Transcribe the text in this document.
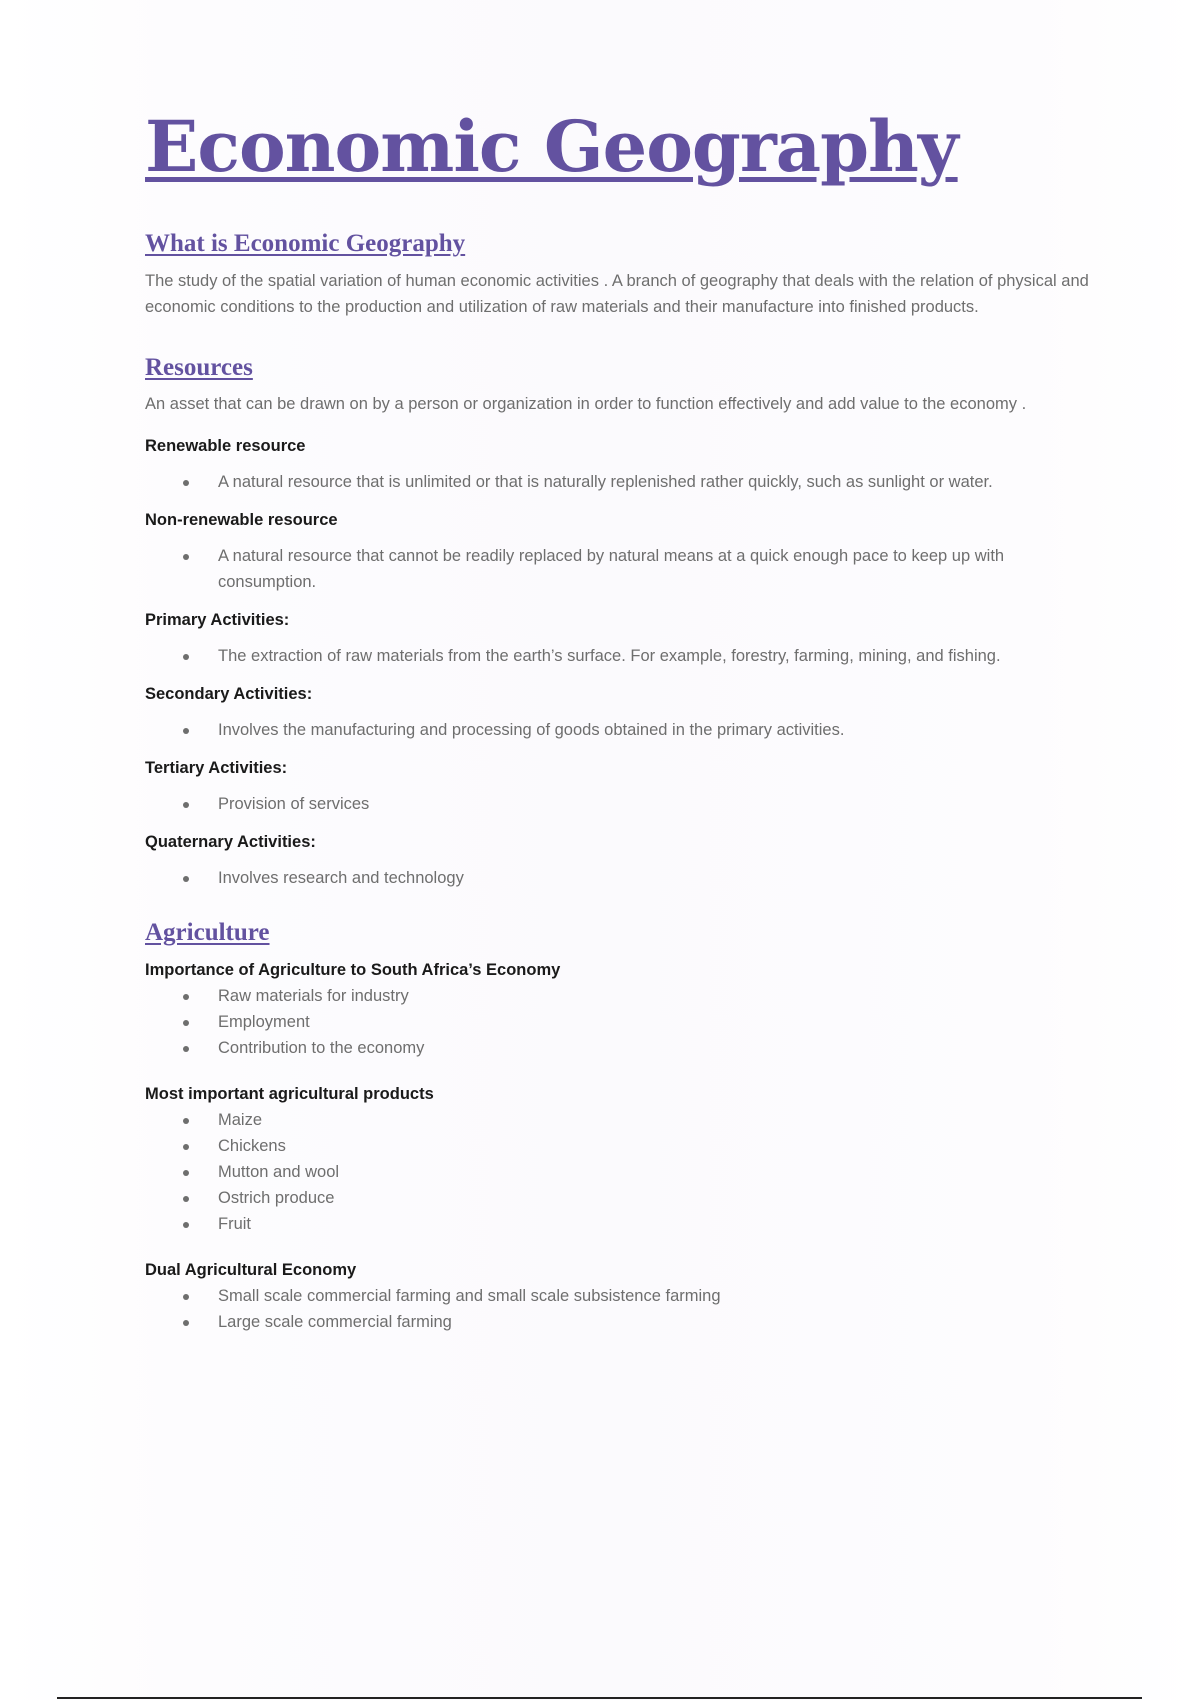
Economic Geography
What is Economic Geography

The study of the spatial variation of human economic activities . A branch of geography that deals with the relation of physical and economic conditions to the production and utilization of raw materials and their manufacture into finished products.

Resources

An asset that can be drawn on by a person or organization in order to function effectively and add value to the economy .

Renewable resource

A natural resource that is unlimited or that is naturally replenished rather quickly, such as sunlight or water.

Non-renewable resource

A natural resource that cannot be readily replaced by natural means at a quick enough pace to keep up with consumption.

Primary Activities:

The extraction of raw materials from the earth’s surface. For example, forestry, farming, mining, and fishing.

Secondary Activities:

Involves the manufacturing and processing of goods obtained in the primary activities.

Tertiary Activities:

Provision of services

Quaternary Activities:

Involves research and technology
Agriculture

Importance of Agriculture to South Africa’s Economy

Raw materials for industry
Employment
Contribution to the economy

Most important agricultural products

Maize
Chickens
Mutton and wool
Ostrich produce
Fruit

Dual Agricultural Economy

Small scale commercial farming and small scale subsistence farming
Large scale commercial farming
